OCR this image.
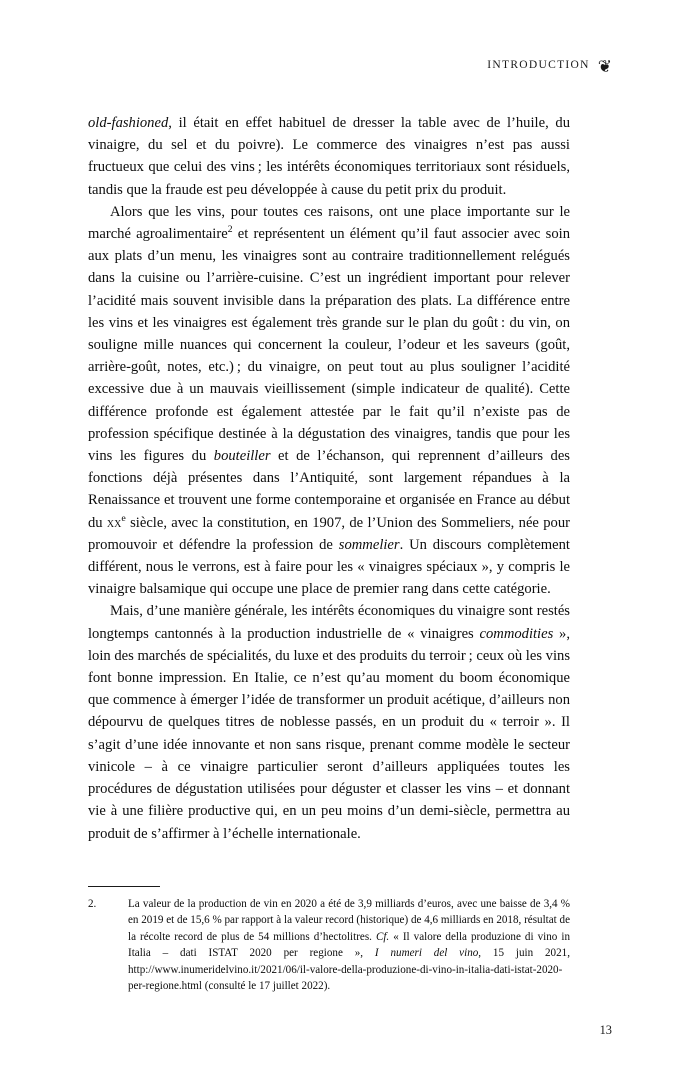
INTRODUCTION ❦

old-fashioned, il était en effet habituel de dresser la table avec de l’huile, du vinaigre, du sel et du poivre). Le commerce des vinaigres n’est pas aussi fructueux que celui des vins ; les intérêts économiques territoriaux sont résiduels, tandis que la fraude est peu développée à cause du petit prix du produit.

Alors que les vins, pour toutes ces raisons, ont une place importante sur le marché agroalimentaire$^2$ et représentent un élément qu’il faut associer avec soin aux plats d’un menu, les vinaigres sont au contraire traditionnellement relégués dans la cuisine ou l’arrière-cuisine. C’est un ingrédient important pour relever l’acidité mais souvent invisible dans la préparation des plats. La différence entre les vins et les vinaigres est également très grande sur le plan du goût : du vin, on souligne mille nuances qui concernent la couleur, l’odeur et les saveurs (goût, arrière-goût, notes, etc.) ; du vinaigre, on peut tout au plus souligner l’acidité excessive due à un mauvais vieillissement (simple indicateur de qualité). Cette différence profonde est également attestée par le fait qu’il n’existe pas de profession spécifique destinée à la dégustation des vinaigres, tandis que pour les vins les figures du bouteiller et de l’échanson, qui reprennent d’ailleurs des fonctions déjà présentes dans l’Antiquité, sont largement répandues à la Renaissance et trouvent une forme contemporaine et organisée en France au début du $xx^e$ siècle, avec la constitution, en 1907, de l’Union des Sommeliers, née pour promouvoir et défendre la profession de sommelier. Un discours complètement différent, nous le verrons, est à faire pour les « vinaigres spéciaux », y compris le vinaigre balsamique qui occupe une place de premier rang dans cette catégorie.

Mais, d’une manière générale, les intérêts économiques du vinaigre sont restés longtemps cantonnés à la production industrielle de « vinaigres commodities », loin des marchés de spécialités, du luxe et des produits du terroir ; ceux où les vins font bonne impression. En Italie, ce n’est qu’au moment du boom économique que commence à émerger l’idée de transformer un produit acétique, d’ailleurs non dépourvu de quelques titres de noblesse passés, en un produit du « terroir ». Il s’agit d’une idée innovante et non sans risque, prenant comme modèle le secteur vinicole – à ce vinaigre particulier seront d’ailleurs appliquées toutes les procédures de dégustation utilisées pour déguster et classer les vins – et donnant vie à une filière productive qui, en un peu moins d’un demi-siècle, permettra au produit de s’affirmer à l’échelle internationale.

2.	La valeur de la production de vin en 2020 a été de 3,9 milliards d’euros, avec une baisse de 3,4 % en 2019 et de 15,6 % par rapport à la valeur record (historique) de 4,6 milliards en 2018, résultat de la récolte record de plus de 54 millions d’hectolitres. Cf. « Il valore della produzione di vino in Italia – dati ISTAT 2020 per regione », I numeri del vino, 15 juin 2021, http://www.inumeridelvino.it/2021/06/il-valore-della-produzione-di-vino-in-italia-dati-istat-2020-per-regione.html (consulté le 17 juillet 2022).
13
